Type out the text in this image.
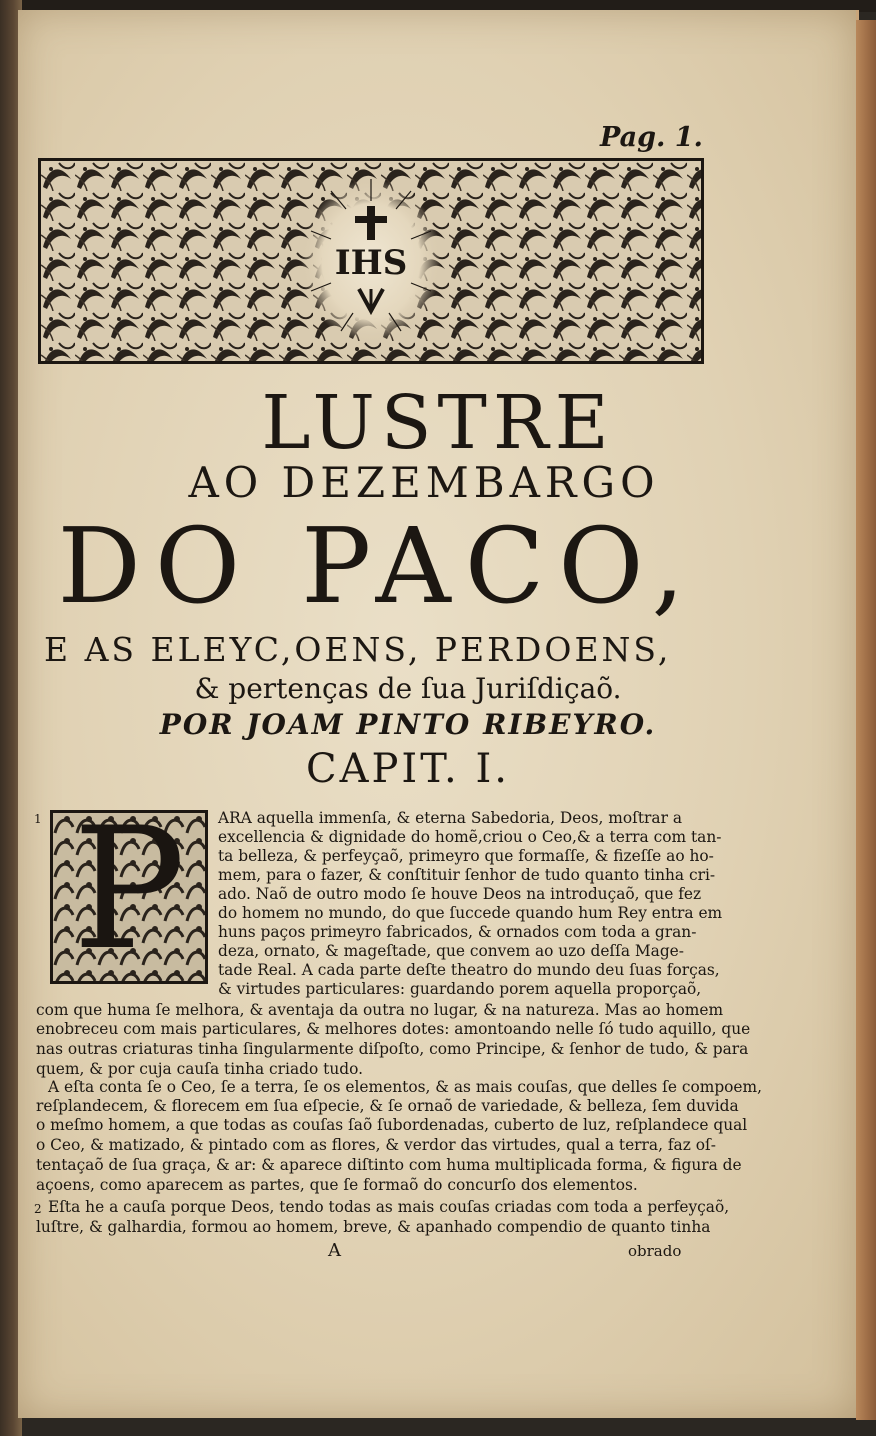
Pag. 1.
IHS
LUSTRE
AO DEZEMBARGO
DO PACO,
E AS ELEYC,OENS, PERDOENS,
& pertenças de ſua Juriſdiçaõ.
POR JOAM PINTO RIBEYRO.
CAPIT. I.
1
2
P	ARA aquella immenſa, & eterna Sabedoria, Deos, moſtrar a
excellencia & dignidade do homẽ,criou o Ceo,& a terra com tan-
ta belleza, & perfeyçaõ, primeyro que formaſſe, & fizeſſe ao ho-
mem, para o fazer, & conſtituir ſenhor de tudo quanto tinha cri-
ado. Naõ de outro modo ſe houve Deos na introduçaõ, que fez
do homem no mundo, do que ſuccede quando hum Rey entra em
huns paços primeyro fabricados, & ornados com toda a gran-
deza, ornato, & mageſtade, que convem ao uzo deſſa Mage-
tade Real. A cada parte deſte theatro do mundo deu ſuas forças,
& virtudes particulares: guardando porem aquella proporçaõ,
com que huma ſe melhora, & aventaja da outra no lugar, & na natureza. Mas ao homem
enobreceu com mais particulares, & melhores dotes: amontoando nelle ſó tudo aquillo, que
nas outras criaturas tinha ſingularmente diſpoſto, como Principe, & ſenhor de tudo, & para
quem, & por cuja cauſa tinha criado tudo.
A eſta conta ſe o Ceo, ſe a terra, ſe os elementos, & as mais couſas, que delles ſe compoem,
reſplandecem, & florecem em ſua eſpecie, & ſe ornaõ de variedade, & belleza, ſem duvida
o meſmo homem, a que todas as couſas ſaõ ſubordenadas, cuberto de luz, reſplandece qual
o Ceo, & matizado, & pintado com as flores, & verdor das virtudes, qual a terra, faz oſ-
tentaçaõ de ſua graça, & ar: & aparece diſtinto com huma multiplicada forma, & figura de
açoens, como aparecem as partes, que ſe formaõ do concurſo dos elementos.
Eſta he a cauſa porque Deos, tendo todas as mais couſas criadas com toda a perfeyçaõ,
luſtre, & galhardia, formou ao homem, breve, & apanhado compendio de quanto tinha
A	obrado
